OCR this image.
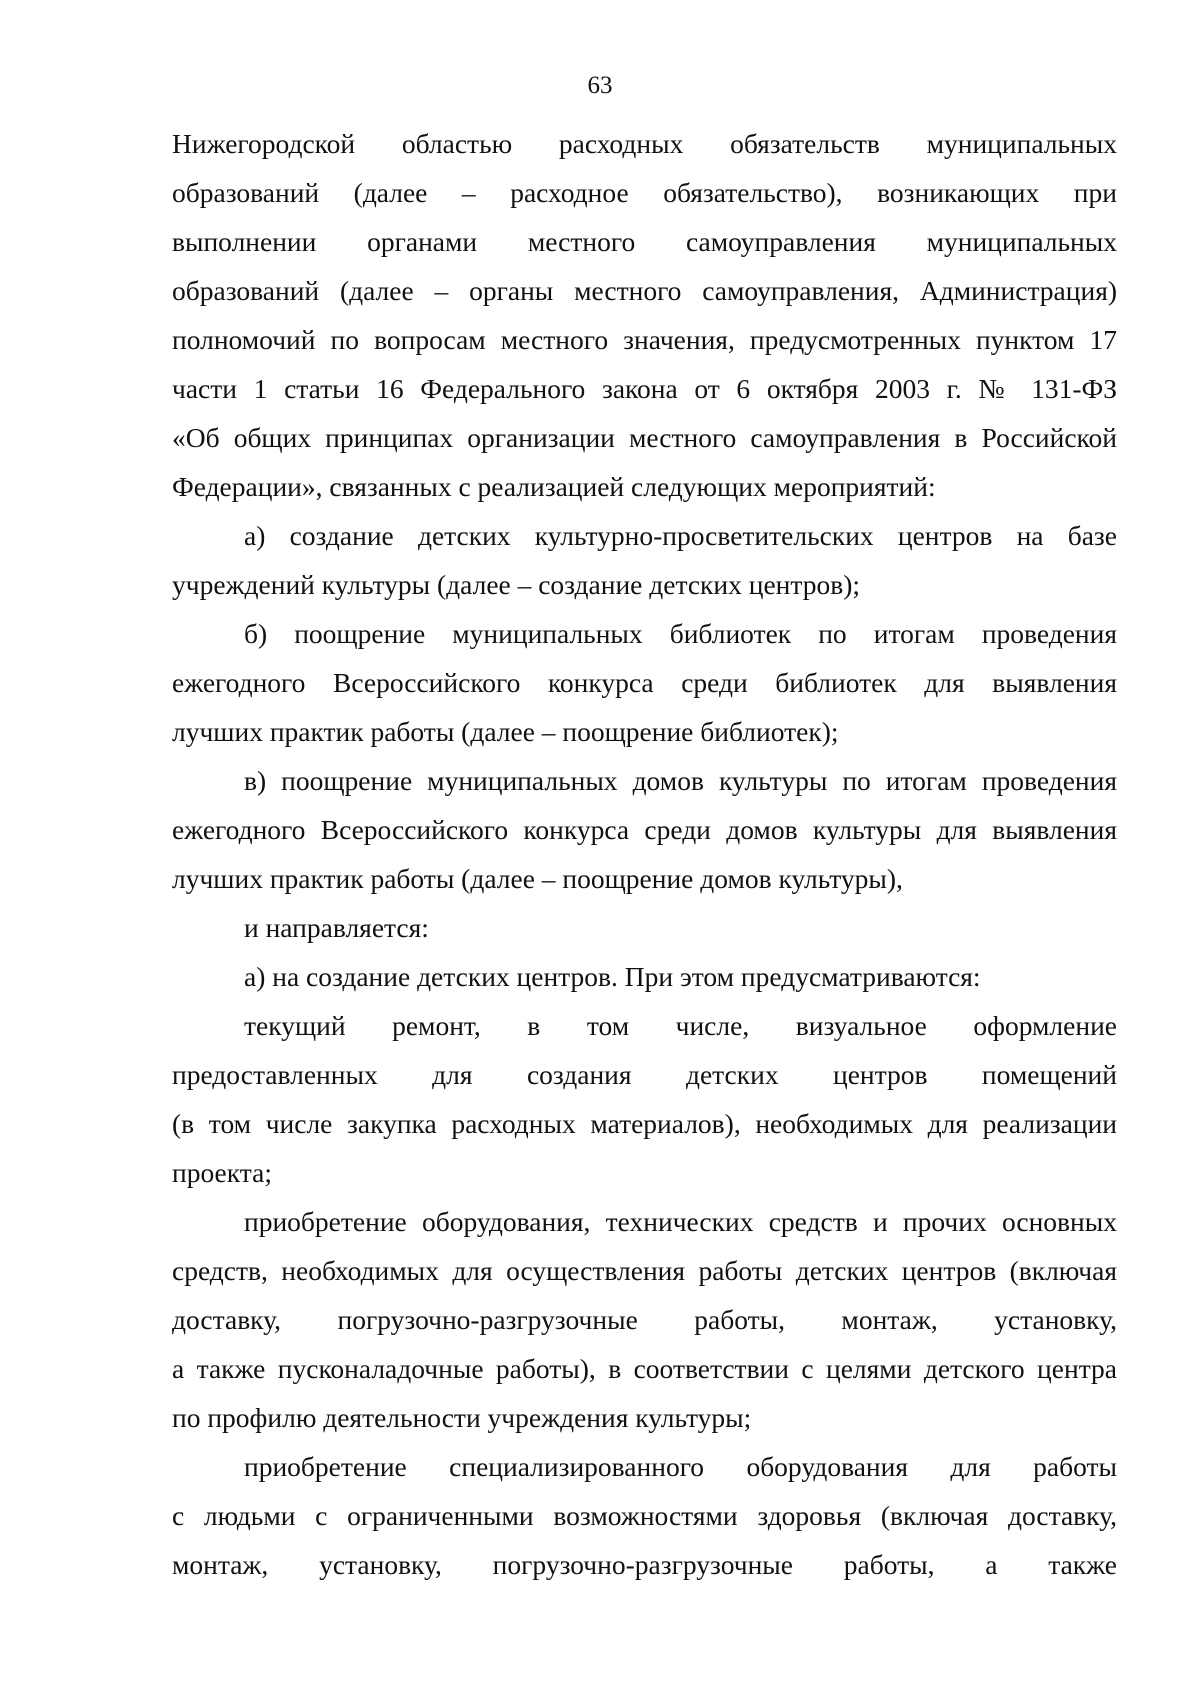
63
Нижегородской областью расходных обязательств муниципальных
образований (далее – расходное обязательство), возникающих при
выполнении органами местного самоуправления муниципальных
образований (далее – органы местного самоуправления, Администрация)
полномочий по вопросам местного значения, предусмотренных пунктом 17
части 1 статьи 16 Федерального закона от 6 октября 2003 г. № 131-ФЗ
«Об общих принципах организации местного самоуправления в Российской
Федерации», связанных с реализацией следующих мероприятий:
а) создание детских культурно-просветительских центров на базе
учреждений культуры (далее – создание детских центров);
б) поощрение муниципальных библиотек по итогам проведения
ежегодного Всероссийского конкурса среди библиотек для выявления
лучших практик работы (далее – поощрение библиотек);
в) поощрение муниципальных домов культуры по итогам проведения
ежегодного Всероссийского конкурса среди домов культуры для выявления
лучших практик работы (далее – поощрение домов культуры),
и направляется:
а) на создание детских центров. При этом предусматриваются:
текущий ремонт, в том числе, визуальное оформление
предоставленных для создания детских центров помещений
(в том числе закупка расходных материалов), необходимых для реализации
проекта;
приобретение оборудования, технических средств и прочих основных
средств, необходимых для осуществления работы детских центров (включая
доставку, погрузочно-разгрузочные работы, монтаж, установку,
а также пусконаладочные работы), в соответствии с целями детского центра
по профилю деятельности учреждения культуры;
приобретение специализированного оборудования для работы
с людьми с ограниченными возможностями здоровья (включая доставку,
монтаж, установку, погрузочно-разгрузочные работы, а также
